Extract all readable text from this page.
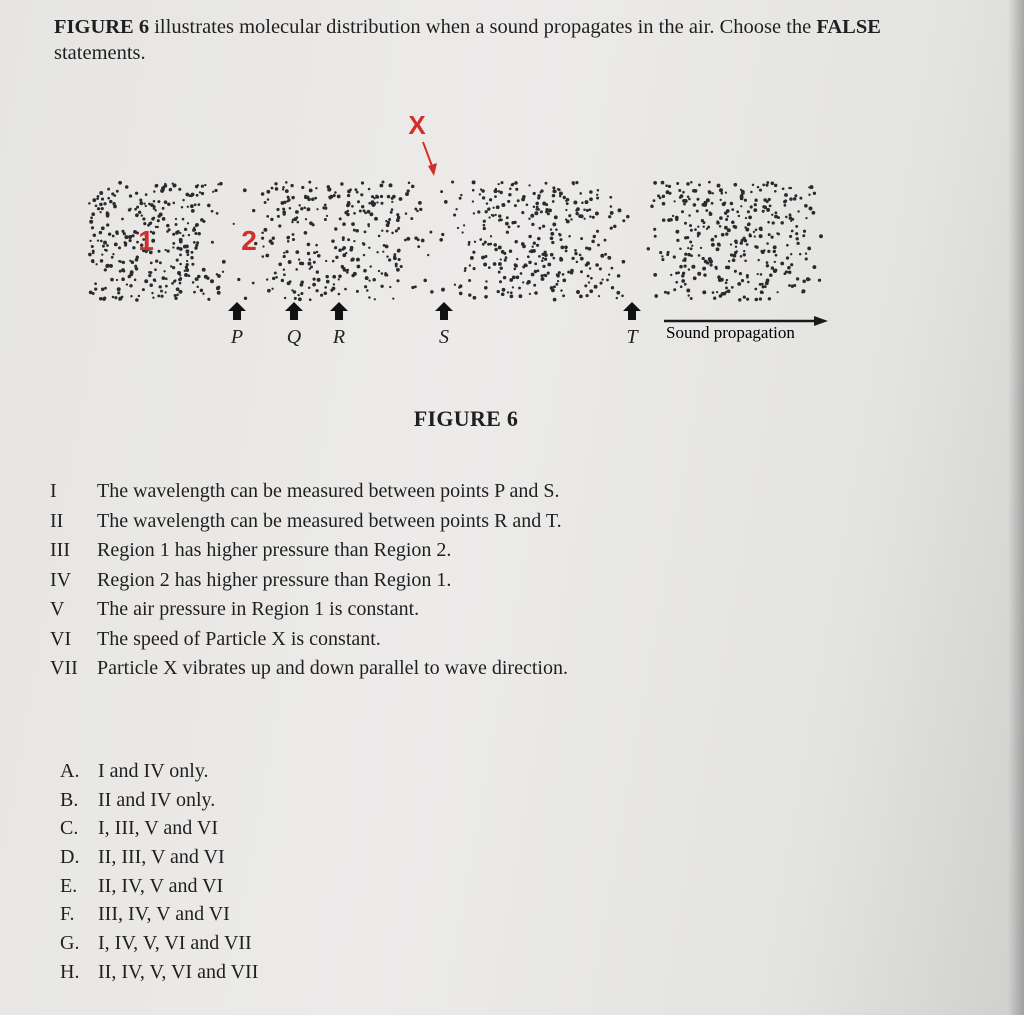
FIGURE 6 illustrates molecular distribution when a sound propagates in the air. Choose the FALSE statements.
X
1	2
P Q R	S	T Sound propagation
FIGURE 6
I	The wavelength can be measured between points P and S.
II	The wavelength can be measured between points R and T.
III	Region 1 has higher pressure than Region 2.
IV	Region 2 has higher pressure than Region 1.
V	The air pressure in Region 1 is constant.
VI	The speed of Particle X is constant.
VII Particle X vibrates up and down parallel to wave direction.
A. I and IV only.
B. II and IV only.
C. I, III, V and VI
D. II, III, V and VI
E.	II, IV, V and VI
F.	III, IV, V and VI
G. I, IV, V, VI and VII
H. II, IV, V, VI and VII
